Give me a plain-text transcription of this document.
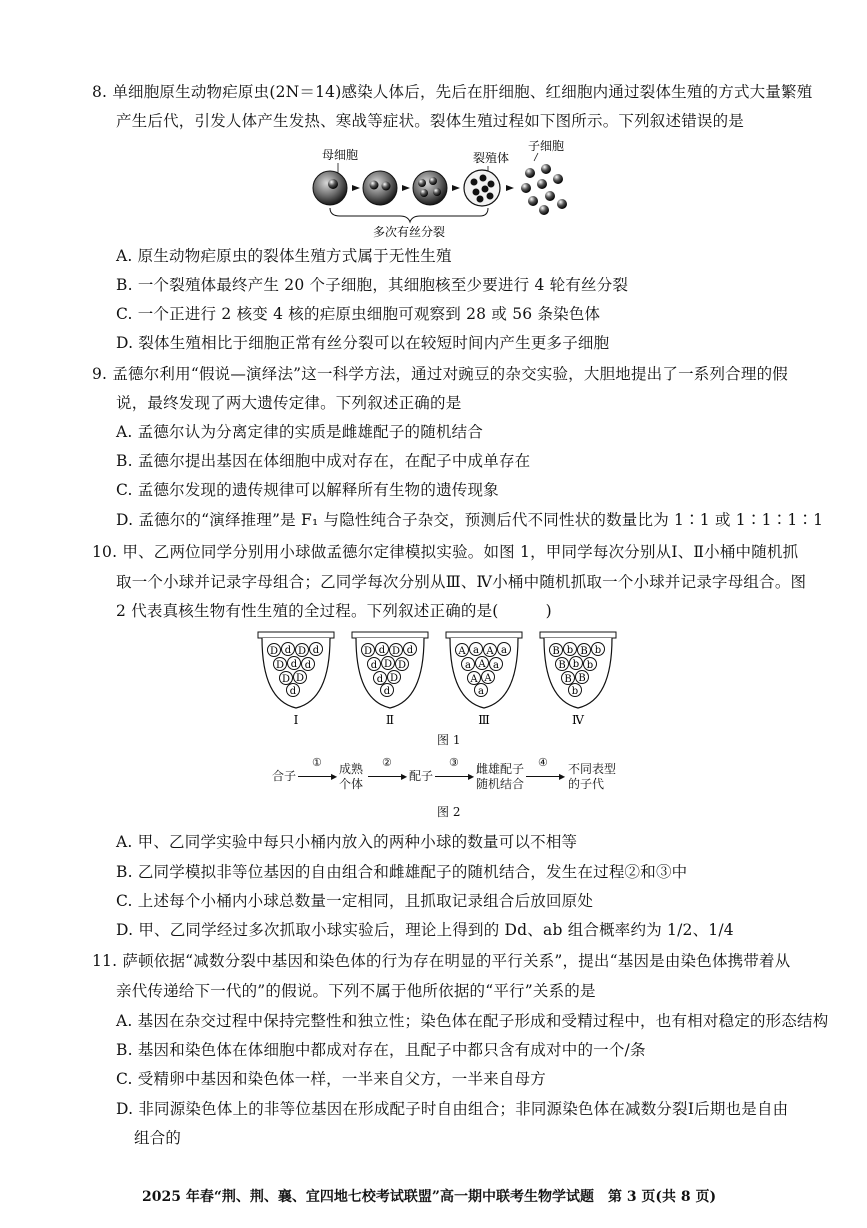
8. 单细胞原生动物疟原虫(2N＝14)感染人体后，先后在肝细胞、红细胞内通过裂体生殖的方式大量繁殖
产生后代，引发人体产生发热、寒战等症状。裂体生殖过程如下图所示。下列叙述错误的是
母细胞	裂殖体
子细胞
多次有丝分裂
A. 原生动物疟原虫的裂体生殖方式属于无性生殖
B. 一个裂殖体最终产生 20 个子细胞，其细胞核至少要进行 4 轮有丝分裂
C. 一个正进行 2 核变 4 核的疟原虫细胞可观察到 28 或 56 条染色体
D. 裂体生殖相比于细胞正常有丝分裂可以在较短时间内产生更多子细胞
9. 孟德尔利用“假说—演绎法”这一科学方法，通过对豌豆的杂交实验，大胆地提出了一系列合理的假
说，最终发现了两大遗传定律。下列叙述正确的是
A. 孟德尔认为分离定律的实质是雌雄配子的随机结合
B. 孟德尔提出基因在体细胞中成对存在，在配子中成单存在
C. 孟德尔发现的遗传规律可以解释所有生物的遗传现象
D. 孟德尔的“演绎推理”是 F₁ 与隐性纯合子杂交，预测后代不同性状的数量比为 1∶1 或 1∶1∶1∶1
10. 甲、乙两位同学分别用小球做孟德尔定律模拟实验。如图 1，甲同学每次分别从Ⅰ、Ⅱ小桶中随机抓
取一个小球并记录字母组合；乙同学每次分别从Ⅲ、Ⅳ小桶中随机抓取一个小球并记录字母组合。图
2 代表真核生物有性生殖的全过程。下列叙述正确的是(　　　)
D d D d
D d d
D D
d
Ⅰ
D d D d
d D D
d D
d
Ⅱ
A a A a
a A a
A A
a
Ⅲ
B b B b
B b b
B B
b
Ⅳ
图 1
合子
①
▶
成熟
个体
②
▶ 配子
③
▶
雌雄配子
随机结合
④
▶
不同表型
的子代
图 2
A. 甲、乙同学实验中每只小桶内放入的两种小球的数量可以不相等
B. 乙同学模拟非等位基因的自由组合和雌雄配子的随机结合，发生在过程②和③中
C. 上述每个小桶内小球总数量一定相同，且抓取记录组合后放回原处
D. 甲、乙同学经过多次抓取小球实验后，理论上得到的 Dd、ab 组合概率约为 1/2、1/4
11. 萨顿依据“减数分裂中基因和染色体的行为存在明显的平行关系”，提出“基因是由染色体携带着从
亲代传递给下一代的”的假说。下列不属于他所依据的“平行”关系的是
A. 基因在杂交过程中保持完整性和独立性；染色体在配子形成和受精过程中，也有相对稳定的形态结构
B. 基因和染色体在体细胞中都成对存在，且配子中都只含有成对中的一个/条
C. 受精卵中基因和染色体一样，一半来自父方，一半来自母方
D. 非同源染色体上的非等位基因在形成配子时自由组合；非同源染色体在减数分裂Ⅰ后期也是自由
组合的
2025 年春“荆、荆、襄、宜四地七校考试联盟”高一期中联考生物学试题　第 3 页(共 8 页)
